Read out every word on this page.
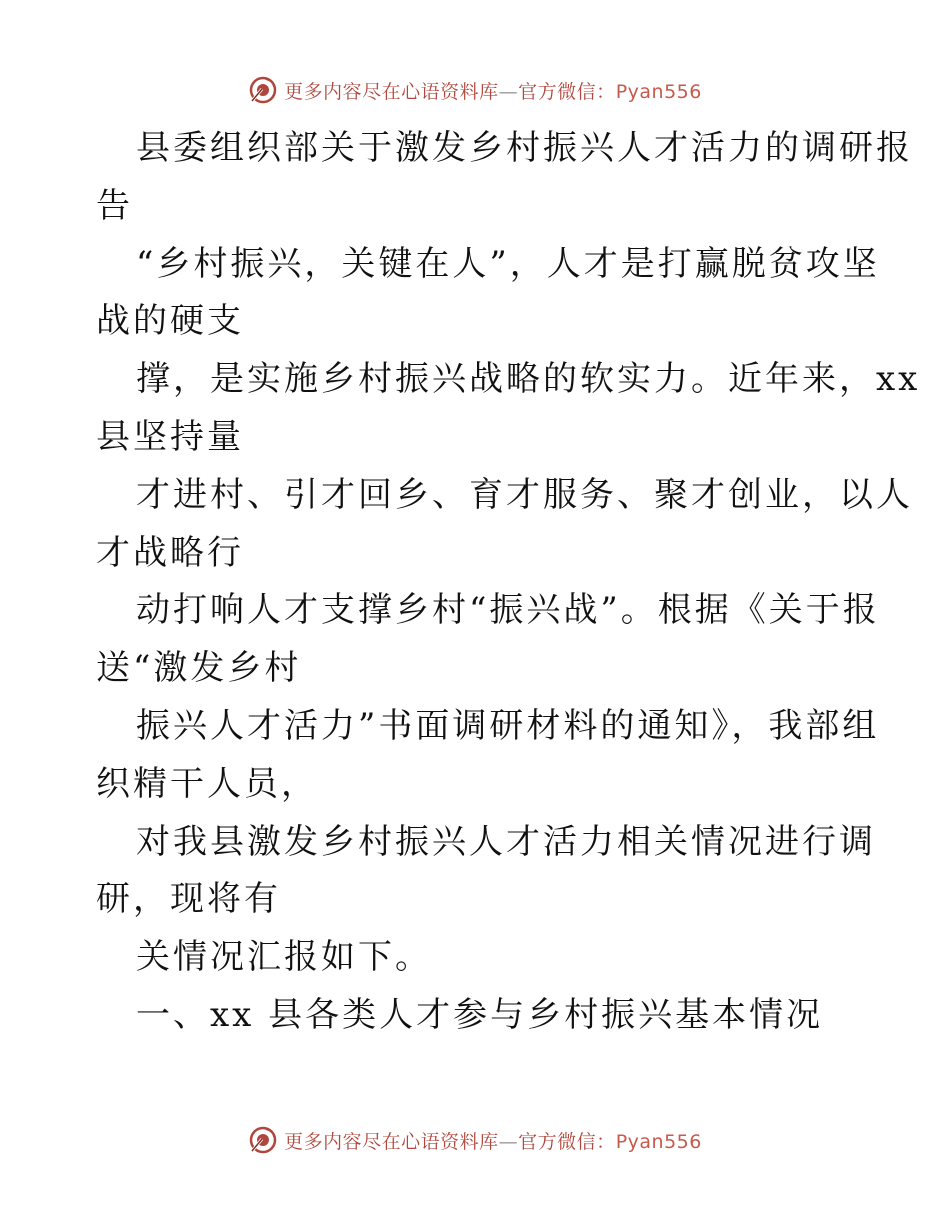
更多内容尽在心语资料库—官方微信：Pyan556
县委组织部关于激发乡村振兴人才活力的调研报
告
“乡村振兴，关键在人”，人才是打赢脱贫攻坚
战的硬支
撑，是实施乡村振兴战略的软实力。近年来，xx
县坚持量
才进村、引才回乡、育才服务、聚才创业，以人
才战略行
动打响人才支撑乡村“振兴战”。根据《关于报
送“激发乡村
振兴人才活力”书面调研材料的通知》，我部组
织精干人员，
对我县激发乡村振兴人才活力相关情况进行调
研，现将有
关情况汇报如下。
一、xx 县各类人才参与乡村振兴基本情况
更多内容尽在心语资料库—官方微信：Pyan556
